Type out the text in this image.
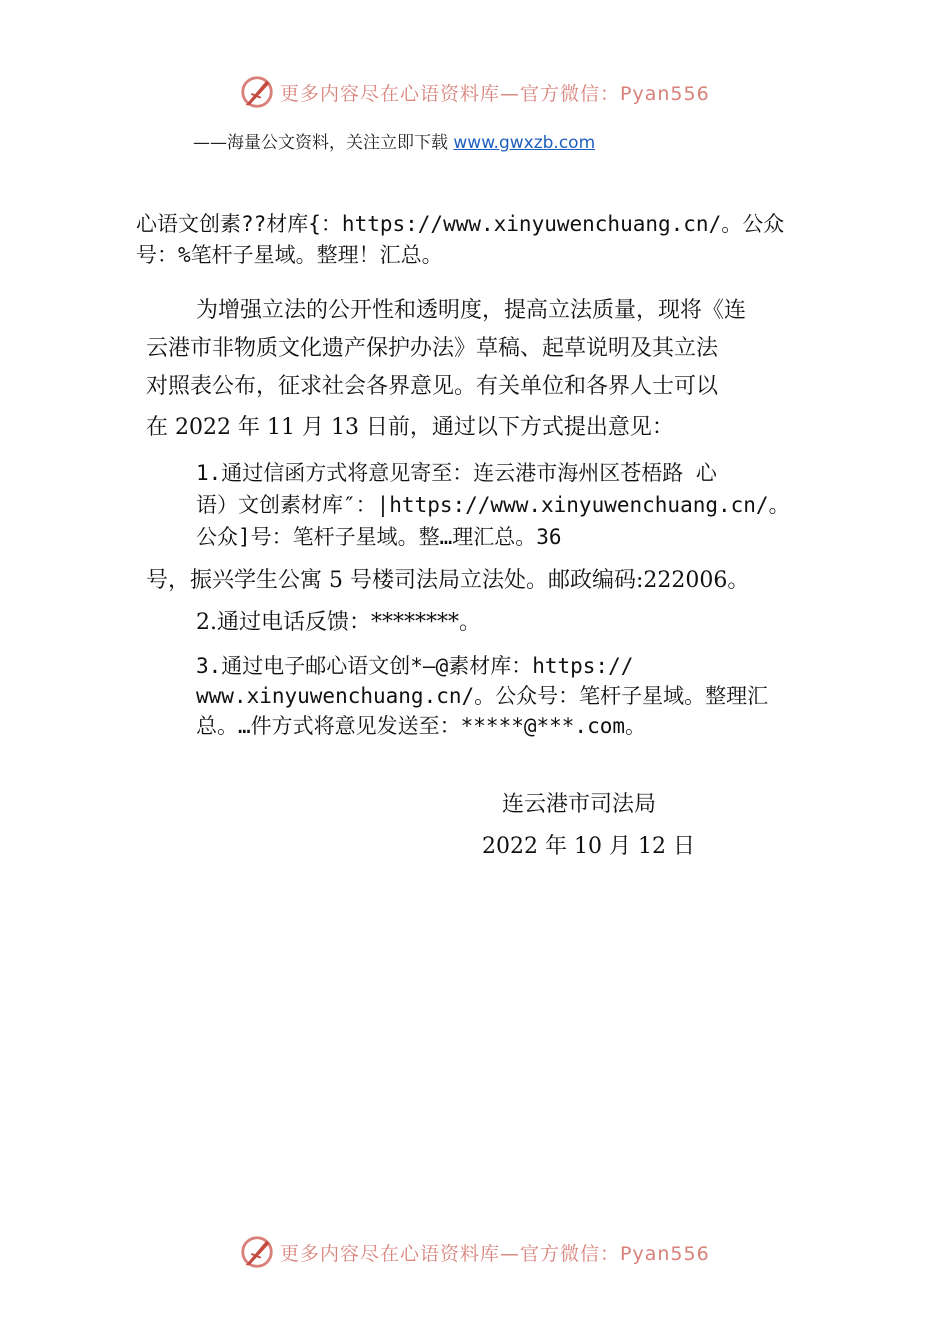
更多内容尽在心语资料库—官方微信：Pyan556
——海量公文资料，关注立即下载 www.gwxzb.com
心语文创素??材库{：https://www.xinyuwenchuang.cn/。公众
号：%笔杆子星域。整理！汇总。
为增强立法的公开性和透明度，提高立法质量，现将《连
云港市非物质文化遗产保护办法》草稿、起草说明及其立法
对照表公布，征求社会各界意见。有关单位和各界人士可以
在 2022 年 11 月 13 日前，通过以下方式提出意见：
1.通过信函方式将意见寄至：连云港市海州区苍梧路 心
语）文创素材库″：|https://www.xinyuwenchuang.cn/。
公众]号：笔杆子星域。整…理汇总。36
号，振兴学生公寓 5 号楼司法局立法处。邮政编码:222006。
2.通过电话反馈：********。
3.通过电子邮心语文创*—@素材库：https://
www.xinyuwenchuang.cn/。公众号：笔杆子星域。整理汇
总。…件方式将意见发送至：*****@***.com。
连云港市司法局
2022 年 10 月 12 日
更多内容尽在心语资料库—官方微信：Pyan556
